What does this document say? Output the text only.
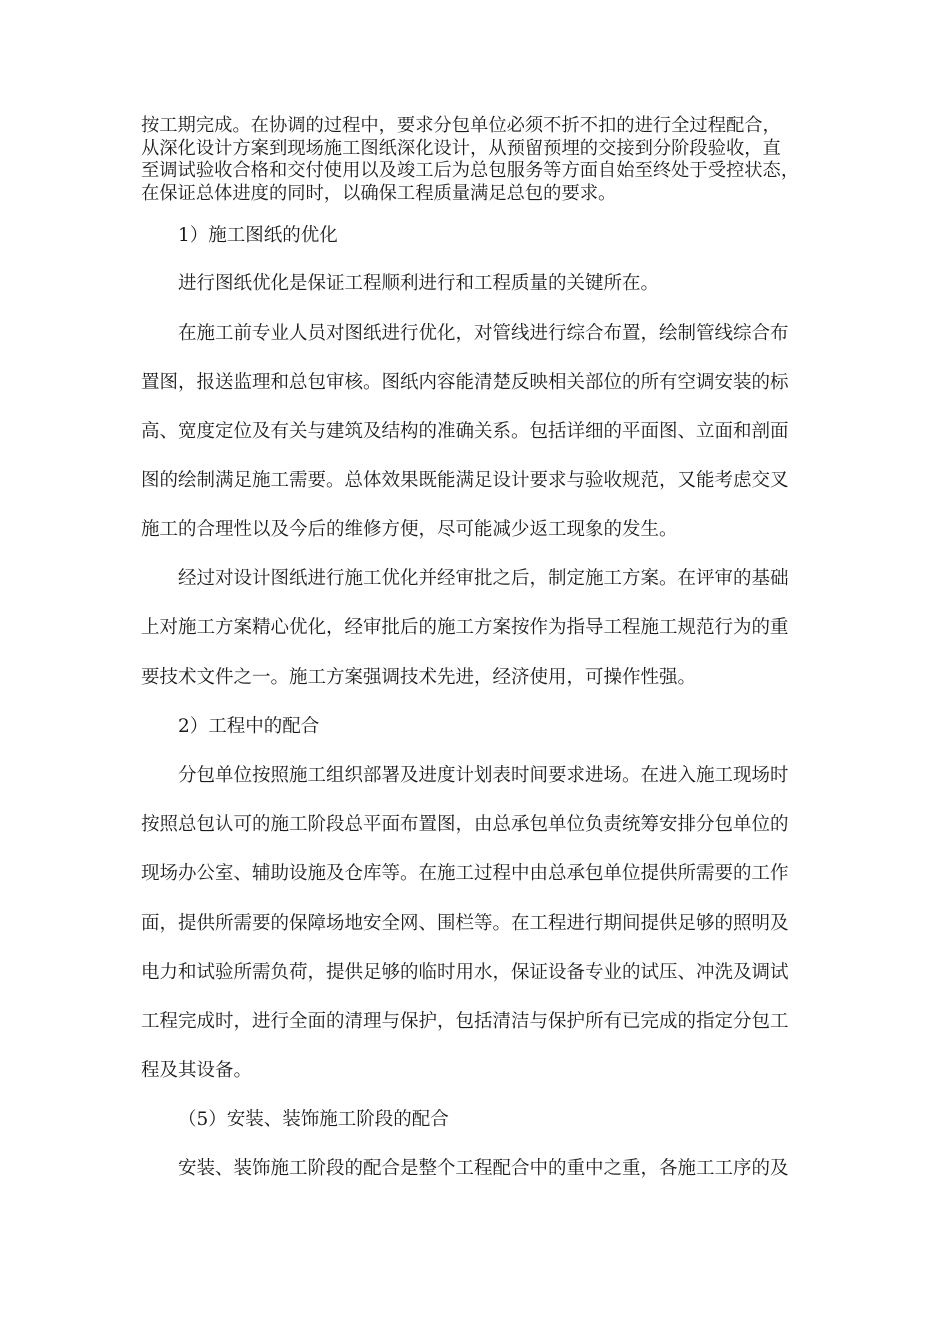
按工期完成。在协调的过程中，要求分包单位必须不折不扣的进行全过程配合，
从深化设计方案到现场施工图纸深化设计，从预留预埋的交接到分阶段验收，直
至调试验收合格和交付使用以及竣工后为总包服务等方面自始至终处于受控状态，
在保证总体进度的同时，以确保工程质量满足总包的要求。
1）施工图纸的优化
进行图纸优化是保证工程顺利进行和工程质量的关键所在。
在施工前专业人员对图纸进行优化，对管线进行综合布置，绘制管线综合布
置图，报送监理和总包审核。图纸内容能清楚反映相关部位的所有空调安装的标
高、宽度定位及有关与建筑及结构的准确关系。包括详细的平面图、立面和剖面
图的绘制满足施工需要。总体效果既能满足设计要求与验收规范，又能考虑交叉
施工的合理性以及今后的维修方便，尽可能减少返工现象的发生。
经过对设计图纸进行施工优化并经审批之后，制定施工方案。在评审的基础
上对施工方案精心优化，经审批后的施工方案按作为指导工程施工规范行为的重
要技术文件之一。施工方案强调技术先进，经济使用，可操作性强。
2）工程中的配合
分包单位按照施工组织部署及进度计划表时间要求进场。在进入施工现场时
按照总包认可的施工阶段总平面布置图，由总承包单位负责统筹安排分包单位的
现场办公室、辅助设施及仓库等。在施工过程中由总承包单位提供所需要的工作
面，提供所需要的保障场地安全网、围栏等。在工程进行期间提供足够的照明及
电力和试验所需负荷，提供足够的临时用水，保证设备专业的试压、冲洗及调试
工程完成时，进行全面的清理与保护，包括清洁与保护所有已完成的指定分包工
程及其设备。
（5）安装、装饰施工阶段的配合
安装、装饰施工阶段的配合是整个工程配合中的重中之重，各施工工序的及
